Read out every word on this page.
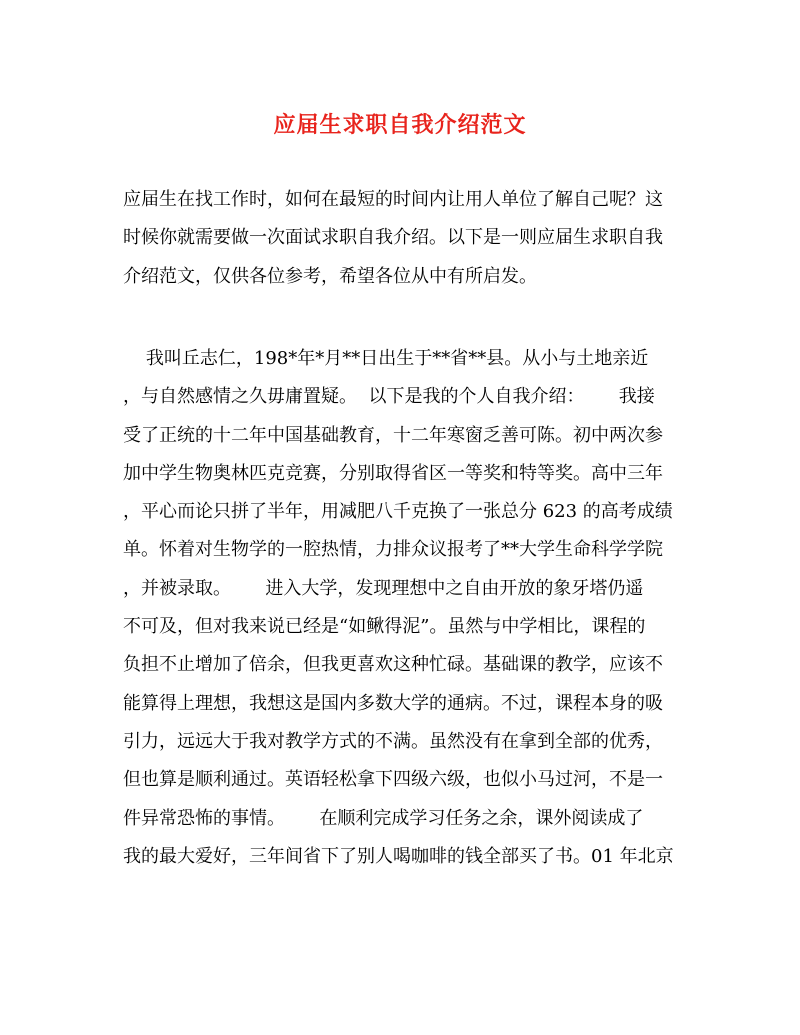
应届生求职自我介绍范文
应届生在找工作时，如何在最短的时间内让用人单位了解自己呢？这
时候你就需要做一次面试求职自我介绍。以下是一则应届生求职自我
介绍范文，仅供各位参考，希望各位从中有所启发。
我叫丘志仁，198*年*月**日出生于**省**县。从小与土地亲近
，与自然感情之久毋庸置疑。  以下是我的个人自我介绍：      我接
受了正统的十二年中国基础教育，十二年寒窗乏善可陈。初中两次参
加中学生物奥林匹克竞赛，分别取得省区一等奖和特等奖。高中三年
，平心而论只拼了半年，用减肥八千克换了一张总分 623 的高考成绩
单。怀着对生物学的一腔热情，力排众议报考了**大学生命科学学院
，并被录取。      进入大学，发现理想中之自由开放的象牙塔仍遥
不可及，但对我来说已经是“如鳅得泥”。虽然与中学相比，课程的
负担不止增加了倍余，但我更喜欢这种忙碌。基础课的教学，应该不
能算得上理想，我想这是国内多数大学的通病。不过，课程本身的吸
引力，远远大于我对教学方式的不满。虽然没有在拿到全部的优秀，
但也算是顺利通过。英语轻松拿下四级六级，也似小马过河，不是一
件异常恐怖的事情。      在顺利完成学习任务之余，课外阅读成了
我的最大爱好，三年间省下了别人喝咖啡的钱全部买了书。01 年北京
